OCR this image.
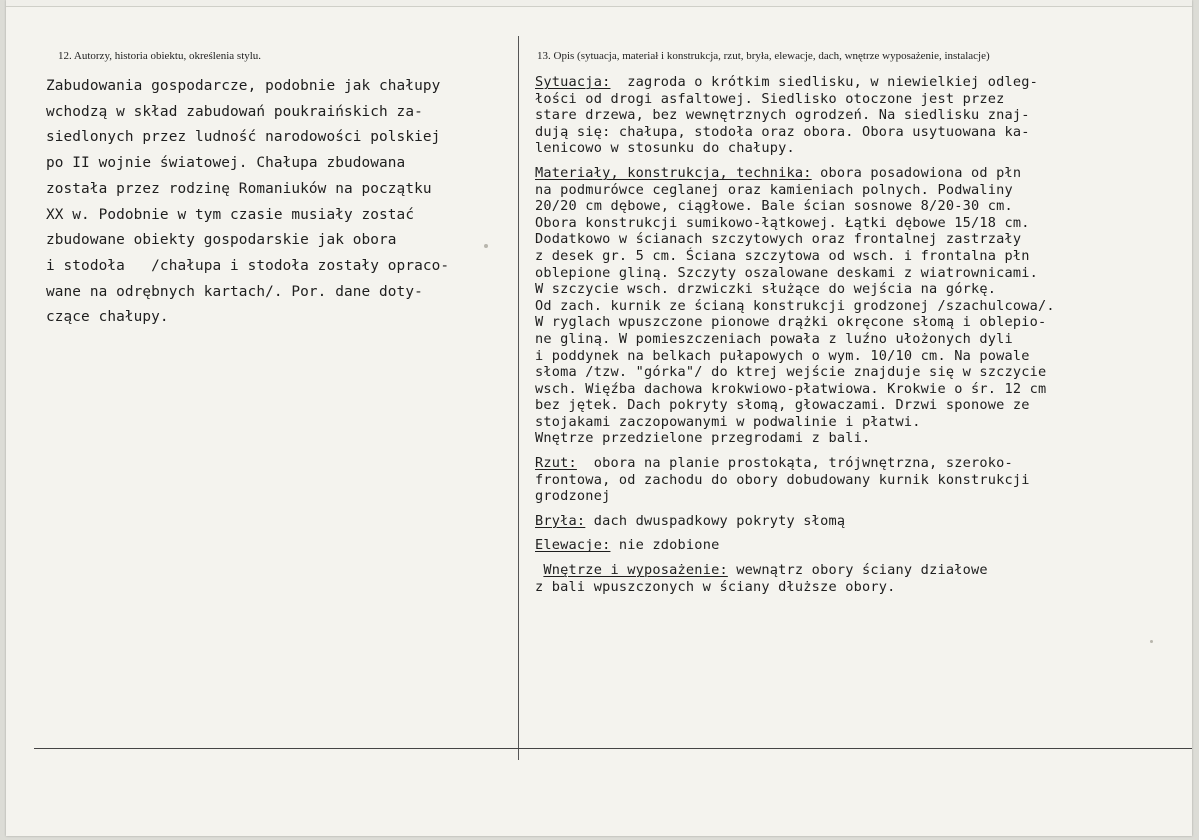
12. Autorzy, historia obiektu, określenia stylu.
Zabudowania gospodarcze, podobnie jak chałupy
wchodzą w skład zabudowań poukraińskich za-
siedlonych przez ludność narodowości polskiej
po II wojnie światowej. Chałupa zbudowana
została przez rodzinę Romaniuków na początku
XX w. Podobnie w tym czasie musiały zostać
zbudowane obiekty gospodarskie jak obora
i stodoła   /chałupa i stodoła zostały opraco-
wane na odrębnych kartach/. Por. dane doty-
czące chałupy.
13. Opis (sytuacja, materiał i konstrukcja, rzut, bryła, elewacje, dach, wnętrze wyposażenie, instalacje)
Sytuacja:  zagroda o krótkim siedlisku, w niewielkiej odleg-
łości od drogi asfaltowej. Siedlisko otoczone jest przez
stare drzewa, bez wewnętrznych ogrodzeń. Na siedlisku znaj-
dują się: chałupa, stodoła oraz obora. Obora usytuowana ka-
lenicowo w stosunku do chałupy.
Materiały, konstrukcja, technika: obora posadowiona od płn
na podmurówce ceglanej oraz kamieniach polnych. Podwaliny
20/20 cm dębowe, ciągłowe. Bale ścian sosnowe 8/20-30 cm.
Obora konstrukcji sumikowo-łątkowej. Łątki dębowe 15/18 cm.
Dodatkowo w ścianach szczytowych oraz frontalnej zastrzały
z desek gr. 5 cm. Ściana szczytowa od wsch. i frontalna płn
oblepione gliną. Szczyty oszalowane deskami z wiatrownicami.
W szczycie wsch. drzwiczki służące do wejścia na górkę.
Od zach. kurnik ze ścianą konstrukcji grodzonej /szachulcowa/.
W ryglach wpuszczone pionowe drążki okręcone słomą i oblepio-
ne gliną. W pomieszczeniach powała z luźno ułożonych dyli
i poddynek na belkach pułapowych o wym. 10/10 cm. Na powale
słoma /tzw. "górka"/ do ktrej wejście znajduje się w szczycie
wsch. Więźba dachowa krokwiowo-płatwiowa. Krokwie o śr. 12 cm
bez jętek. Dach pokryty słomą, głowaczami. Drzwi sponowe ze
stojakami zaczopowanymi w podwalinie i płatwi.
Wnętrze przedzielone przegrodami z bali.
Rzut:  obora na planie prostokąta, trójwnętrzna, szeroko-
frontowa, od zachodu do obory dobudowany kurnik konstrukcji
grodzonej
Bryła: dach dwuspadkowy pokryty słomą
Elewacje: nie zdobione
Wnętrze i wyposażenie: wewnątrz obory ściany działowe
z bali wpuszczonych w ściany dłuższe obory.
